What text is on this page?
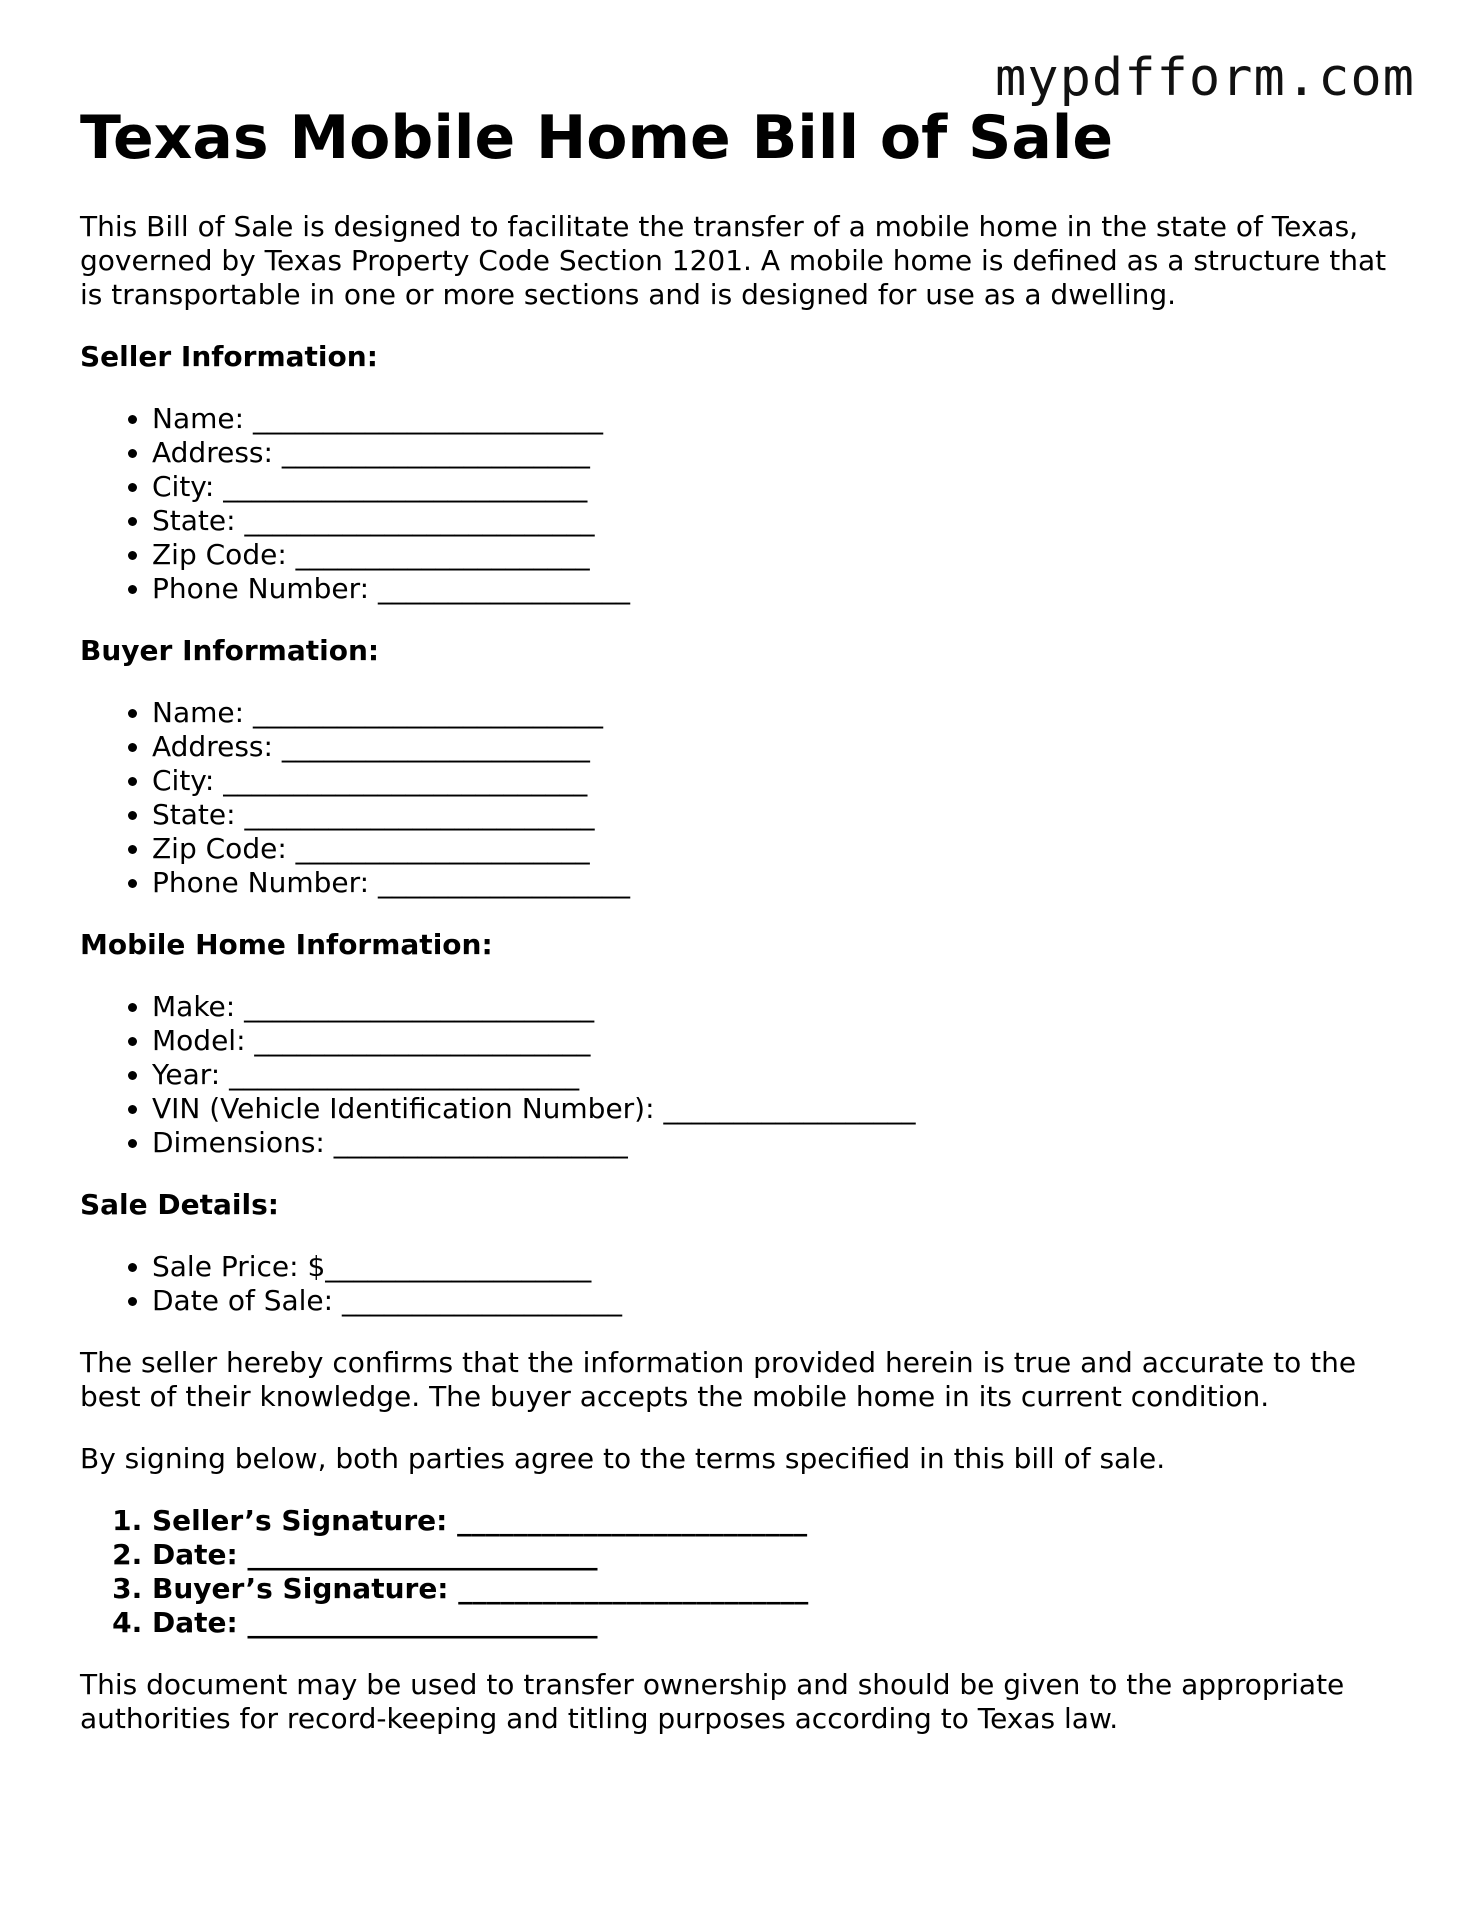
mypdfform.com
Texas Mobile Home Bill of Sale

This Bill of Sale is designed to facilitate the transfer of a mobile home in the state of Texas, governed by Texas Property Code Section 1201. A mobile home is defined as a structure that is transportable in one or more sections and is designed for use as a dwelling.

Seller Information:
• Name: _________________________
• Address: ______________________
• City: __________________________
• State: _________________________
• Zip Code: _____________________
• Phone Number: __________________
Buyer Information:
• Name: _________________________
• Address: ______________________
• City: __________________________
• State: _________________________
• Zip Code: _____________________
• Phone Number: __________________
Mobile Home Information:
• Make: _________________________
• Model: ________________________
• Year: _________________________
• VIN (Vehicle Identification Number): __________________
• Dimensions: _____________________
Sale Details:
• Sale Price: $___________________
• Date of Sale: ____________________

The seller hereby confirms that the information provided herein is true and accurate to the best of their knowledge. The buyer accepts the mobile home in its current condition.

By signing below, both parties agree to the terms specified in this bill of sale.

1. Seller’s Signature: _________________________
2. Date: _________________________
3. Buyer’s Signature: _________________________
4. Date: _________________________

This document may be used to transfer ownership and should be given to the appropriate authorities for record-keeping and titling purposes according to Texas law.
